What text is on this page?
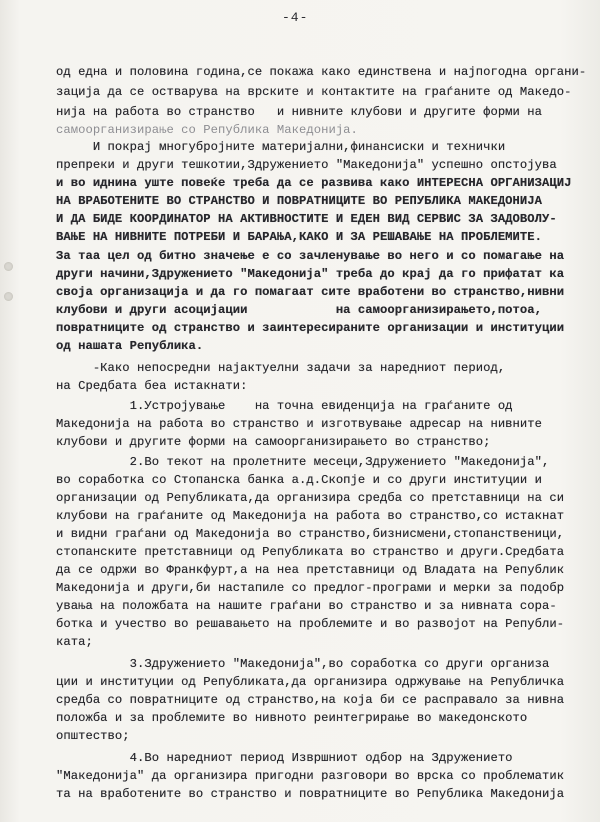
-4-
од една и половина година,се покажа како единствена и најпогодна органи-
зација да се остварува на врските и контактите на граѓаните од Македо-
нија на работа во странство   и нивните клубови и другите форми на
самоорганизирање со Република Македонија.
И покрај многубројните материјални,финансиски и технички
препреки и други тешкотии,Здружението "Македонија" успешно опстојува
и во иднина уште повеќе треба да се развива како ИНТЕРЕСНА ОРГАНИЗАЦИЈ
НА ВРАБОТЕНИТЕ ВО СТРАНСТВО И ПОВРАТНИЦИТЕ ВО РЕПУБЛИКА МАКЕДОНИЈА
И ДА БИДЕ КООРДИНАТОР НА АКТИВНОСТИТЕ И ЕДЕН ВИД СЕРВИС ЗА ЗАДОВОЛУ-
ВАЊЕ НА НИВНИТЕ ПОТРЕБИ И БАРАЊА,КАКО И ЗА РЕШАВАЊЕ НА ПРОБЛЕМИТЕ.
За таа цел од битно значење е со зачленување во него и со помагање на
други начини,Здружението "Македонија" треба до крај да го прифатат ка
своја организација и да го помагаат сите вработени во странство,нивни
клубови и други асоцијации            на самоорганизирањето,потоа,
повратниците од странство и заинтересираните организации и институции
од нашата Република.
-Како непосредни најактуелни задачи за наредниот период,
на Средбата беа истакнати:
1.Устројување    на точна евиденција на граѓаните од
Македонија на работа во странство и изготвување адресар на нивните
клубови и другите форми на самоорганизирањето во странство;
2.Во текот на пролетните месеци,Здружението "Македонија",
во соработка со Стопанска банка а.д.Скопје и со други институции и
организации од Републиката,да организира средба со претставници на си
клубови на граѓаните од Македонија на работа во странство,со истакнат
и видни граѓани од Македонија во странство,бизнисмени,стопанственици,
стопанските претставници од Републиката во странство и други.Средбата
да се одржи во Франкфурт,а на неа претставници од Владата на Републик
Македонија и други,би настапиле со предлог-програми и мерки за подобр
увања на положбата на нашите граѓани во странство и за нивната сора-
ботка и учество во решавањето на проблемите и во развојот на Републи-
ката;
3.Здружението "Македонија",во соработка со други организа
ции и институции од Републиката,да организира одржување на Републичка
средба со повратниците од странство,на која би се расправало за нивна
положба и за проблемите во нивното реинтегрирање во македонското
општество;
4.Во наредниот период Извршниот одбор на Здружението
"Македонија" да организира пригодни разговори во врска со проблематик
та на вработените во странство и повратниците во Република Македонија
